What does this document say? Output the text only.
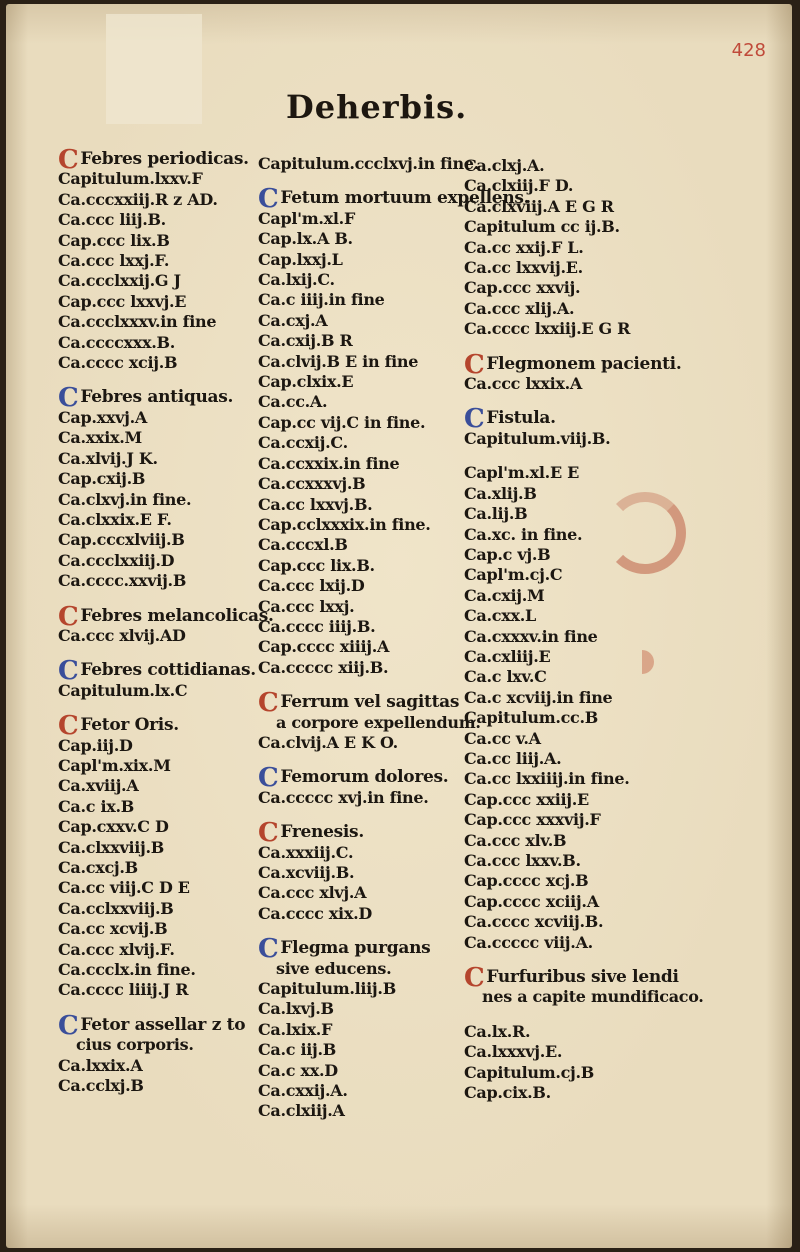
428
Deherbis.
C Febres periodicas.
Capitulum.lxxv.F
Ca.cccxxiij.R z AD.
Ca.ccc liij.B.
Cap.ccc lix.B
Ca.ccc lxxj.F.
Ca.ccclxxij.G J
Cap.ccc lxxvj.E
Ca.ccclxxxv.in fine
Ca.ccccxxx.B.
Ca.cccc xcij.B
C Febres antiquas.
Cap.xxvj.A
Ca.xxix.M
Ca.xlvij.J K.
Cap.cxij.B
Ca.clxvj.in fine.
Ca.clxxix.E F.
Cap.cccxlviij.B
Ca.ccclxxiij.D
Ca.cccc.xxvij.B
C Febres melancolicas.
Ca.ccc xlvij.AD
C Febres cottidianas.
Capitulum.lx.C
C Fetor Oris.
Cap.iij.D
Capl'm.xix.M
Ca.xviij.A
Ca.c ix.B
Cap.cxxv.C D
Ca.clxxviij.B
Ca.cxcj.B
Ca.cc viij.C D E
Ca.cclxxviij.B
Ca.cc xcvij.B
Ca.ccc xlvij.F.
Ca.ccclx.in fine.
Ca.cccc liiij.J R
C Fetor assellar z to
cius corporis.
Ca.lxxix.A
Ca.cclxj.B
Capitulum.ccclxvj.in fine.
C Fetum mortuum expellens.
Capl'm.xl.F
Cap.lx.A B.
Cap.lxxj.L
Ca.lxij.C.
Ca.c iiij.in fine
Ca.cxj.A
Ca.cxij.B R
Ca.clvij.B E in fine
Cap.clxix.E
Ca.cc.A.
Cap.cc vij.C in fine.
Ca.ccxij.C.
Ca.ccxxix.in fine
Ca.ccxxxvj.B
Ca.cc lxxvj.B.
Cap.cclxxxix.in fine.
Ca.cccxl.B
Cap.ccc lix.B.
Ca.ccc lxij.D
Ca.ccc lxxj.
Ca.cccc iiij.B.
Cap.cccc xiiij.A
Ca.ccccc xiij.B.
C Ferrum vel sagittas
a corpore expellendum.
Ca.clvij.A E K O.
C Femorum dolores.
Ca.ccccc xvj.in fine.
C Frenesis.
Ca.xxxiij.C.
Ca.xcviij.B.
Ca.ccc xlvj.A
Ca.cccc xix.D
C Flegma purgans
sive educens.
Capitulum.liij.B
Ca.lxvj.B
Ca.lxix.F
Ca.c iij.B
Ca.c xx.D
Ca.cxxij.A.
Ca.clxiij.A
Ca.clxj.A.
Ca.clxiij.F D.
Ca.clxviij.A E G R
Capitulum cc ij.B.
Ca.cc xxij.F L.
Ca.cc lxxvij.E.
Cap.ccc xxvij.
Ca.ccc xlij.A.
Ca.cccc lxxiij.E G R
C Flegmonem pacienti.
Ca.ccc lxxix.A
C Fistula.
Capitulum.viij.B.
Capl'm.xl.E E
Ca.xlij.B
Ca.lij.B
Ca.xc. in fine.
Cap.c vj.B
Capl'm.cj.C
Ca.cxij.M
Ca.cxx.L
Ca.cxxxv.in fine
Ca.cxliij.E
Ca.c lxv.C
Ca.c xcviij.in fine
Capitulum.cc.B
Ca.cc v.A
Ca.cc liij.A.
Ca.cc lxxiiij.in fine.
Cap.ccc xxiij.E
Cap.ccc xxxvij.F
Ca.ccc xlv.B
Ca.ccc lxxv.B.
Cap.cccc xcj.B
Cap.cccc xciij.A
Ca.cccc xcviij.B.
Ca.ccccc viij.A.
C Furfuribus sive lendi
nes a capite mundificaco.
Ca.lx.R.
Ca.lxxxvj.E.
Capitulum.cj.B
Cap.cix.B.
